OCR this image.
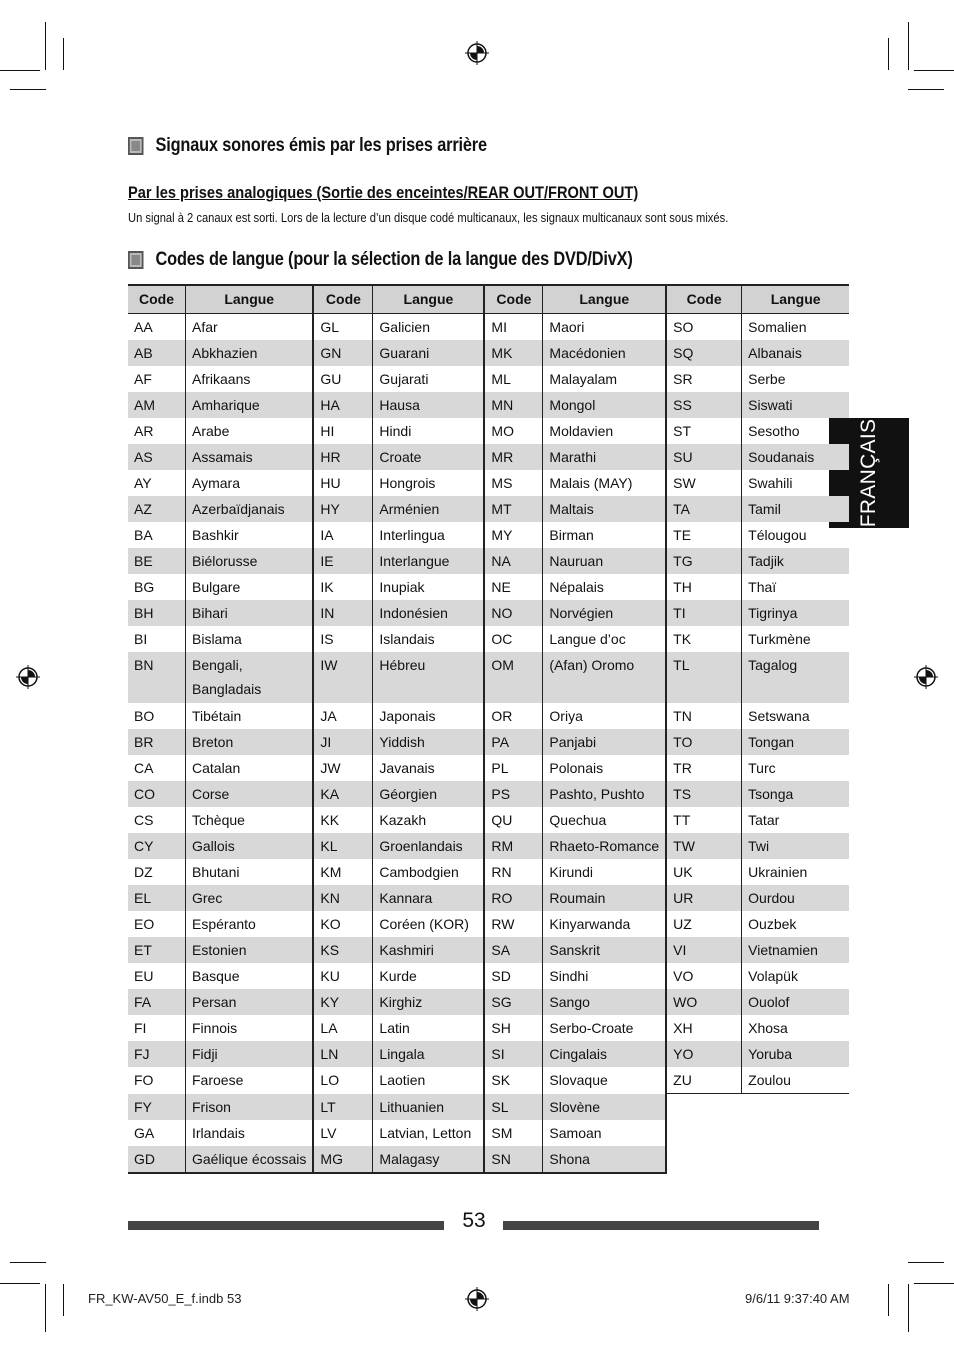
Signaux sonores émis par les prises arrière
Par les prises analogiques (Sortie des enceintes/REAR OUT/FRONT OUT)
Un signal à 2 canaux est sorti. Lors de la lecture d’un disque codé multicanaux, les signaux multicanaux sont sous mixés.
Codes de langue (pour la sélection de la langue des DVD/DivX)
FRANÇAIS
Code	Langue	Code	Langue	Code	Langue	Code	Langue
AA	Afar	GL	Galicien	MI	Maori	SO	Somalien
AB	Abkhazien	GN	Guarani	MK	Macédonien	SQ	Albanais
AF	Afrikaans	GU	Gujarati	ML	Malayalam	SR	Serbe
AM	Amharique	HA	Hausa	MN	Mongol	SS	Siswati
AR	Arabe	HI	Hindi	MO	Moldavien	ST	Sesotho
AS	Assamais	HR	Croate	MR	Marathi	SU	Soudanais
AY	Aymara	HU	Hongrois	MS	Malais (MAY)	SW	Swahili
AZ	Azerbaïdjanais	HY	Arménien	MT	Maltais	TA	Tamil
BA	Bashkir	IA	Interlingua	MY	Birman	TE	Télougou
BE	Biélorusse	IE	Interlangue	NA	Nauruan	TG	Tadjik
BG	Bulgare	IK	Inupiak	NE	Népalais	TH	Thaï
BH	Bihari	IN	Indonésien	NO	Norvégien	TI	Tigrinya
BI	Bislama	IS	Islandais	OC	Langue d’oc	TK	Turkmène
BN	Bengali, Bangladais	IW	Hébreu	OM	(Afan) Oromo	TL	Tagalog
BO	Tibétain	JA	Japonais	OR	Oriya	TN	Setswana
BR	Breton	JI	Yiddish	PA	Panjabi	TO	Tongan
CA	Catalan	JW	Javanais	PL	Polonais	TR	Turc
CO	Corse	KA	Géorgien	PS	Pashto, Pushto	TS	Tsonga
CS	Tchèque	KK	Kazakh	QU	Quechua	TT	Tatar
CY	Gallois	KL	Groenlandais	RM	Rhaeto-Romance	TW	Twi
DZ	Bhutani	KM	Cambodgien	RN	Kirundi	UK	Ukrainien
EL	Grec	KN	Kannara	RO	Roumain	UR	Ourdou
EO	Espéranto	KO	Coréen (KOR)	RW	Kinyarwanda	UZ	Ouzbek
ET	Estonien	KS	Kashmiri	SA	Sanskrit	VI	Vietnamien
EU	Basque	KU	Kurde	SD	Sindhi	VO	Volapük
FA	Persan	KY	Kirghiz	SG	Sango	WO	Ouolof
FI	Finnois	LA	Latin	SH	Serbo-Croate	XH	Xhosa
FJ	Fidji	LN	Lingala	SI	Cingalais	YO	Yoruba
FO	Faroese	LO	Laotien	SK	Slovaque	ZU	Zoulou
FY	Frison	LT	Lithuanien	SL	Slovène		
GA	Irlandais	LV	Latvian, Letton	SM	Samoan		
GD	Gaélique écossais	MG	Malagasy	SN	Shona		
53
FR_KW-AV50_E_f.indb 53	9/6/11 9:37:40 AM
